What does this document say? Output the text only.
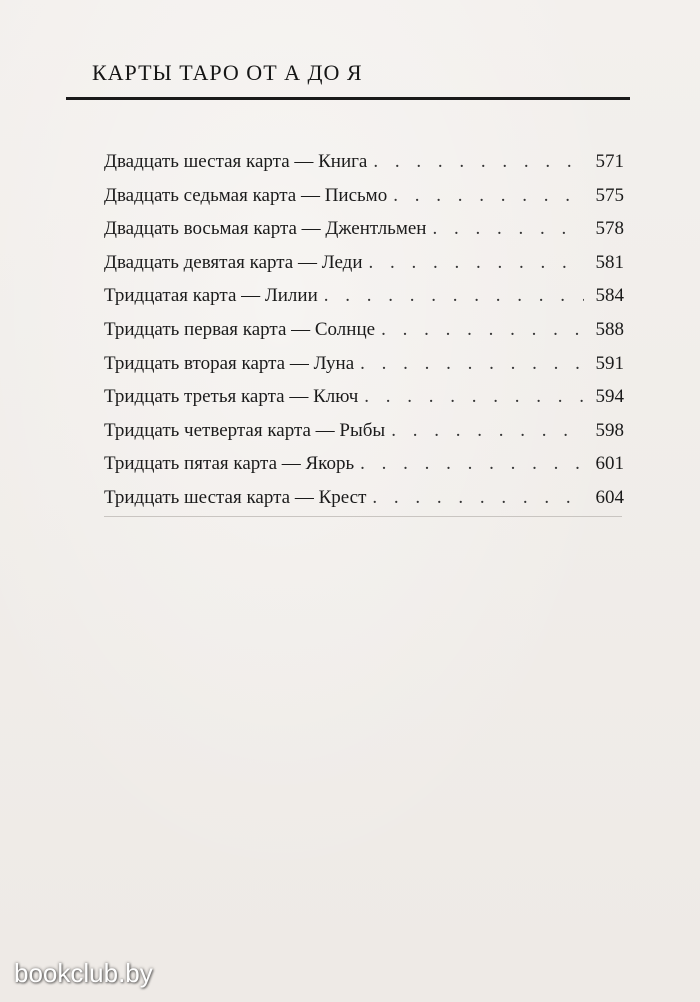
КАРТЫ ТАРО ОТ А ДО Я
Двадцать шестая карта — Книга . . .	571
Двадцать седьмая карта — Письмо . . .	575
Двадцать восьмая карта — Джентльмен . . .	578
Двадцать девятая карта — Леди . . .	581
Тридцатая карта — Лилии . . .	584
Тридцать первая карта — Солнце . . .	588
Тридцать вторая карта — Луна . . .	591
Тридцать третья карта — Ключ . . .	594
Тридцать четвертая карта — Рыбы . . .	598
Тридцать пятая карта — Якорь . . .	601
Тридцать шестая карта — Крест . . .	604
bookclub.by
